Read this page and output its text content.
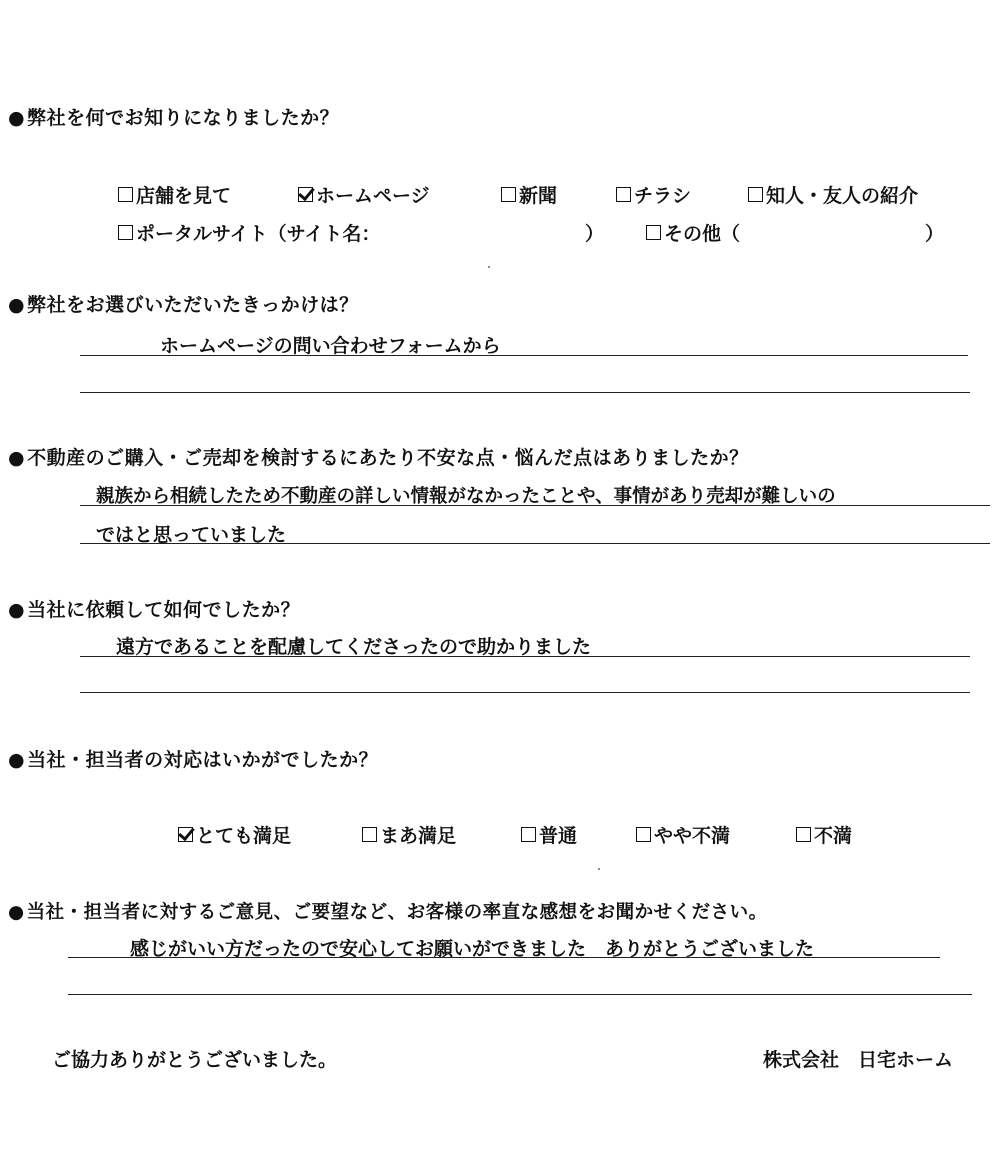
● 弊社を何でお知りになりましたか？
店舗を見て	ホームページ	新聞	チラシ	知人・友人の紹介
ポータルサイト（サイト名：	）	その他（	）
● 弊社をお選びいただいたきっかけは？
ホームページの問い合わせフォームから
● 不動産のご購入・ご売却を検討するにあたり不安な点・悩んだ点はありましたか？
親族から相続したため不動産の詳しい情報がなかったことや、事情があり売却が難しいの
ではと思っていました
● 当社に依頼して如何でしたか？
遠方であることを配慮してくださったので助かりました
● 当社・担当者の対応はいかがでしたか？
とても満足	まあ満足	普通	やや不満	不満
● 当社・担当者に対するご意見、ご要望など、お客様の率直な感想をお聞かせください。
感じがいい方だったので安心してお願いができました　ありがとうございました
ご協力ありがとうございました。	株式会社　日宅ホーム
